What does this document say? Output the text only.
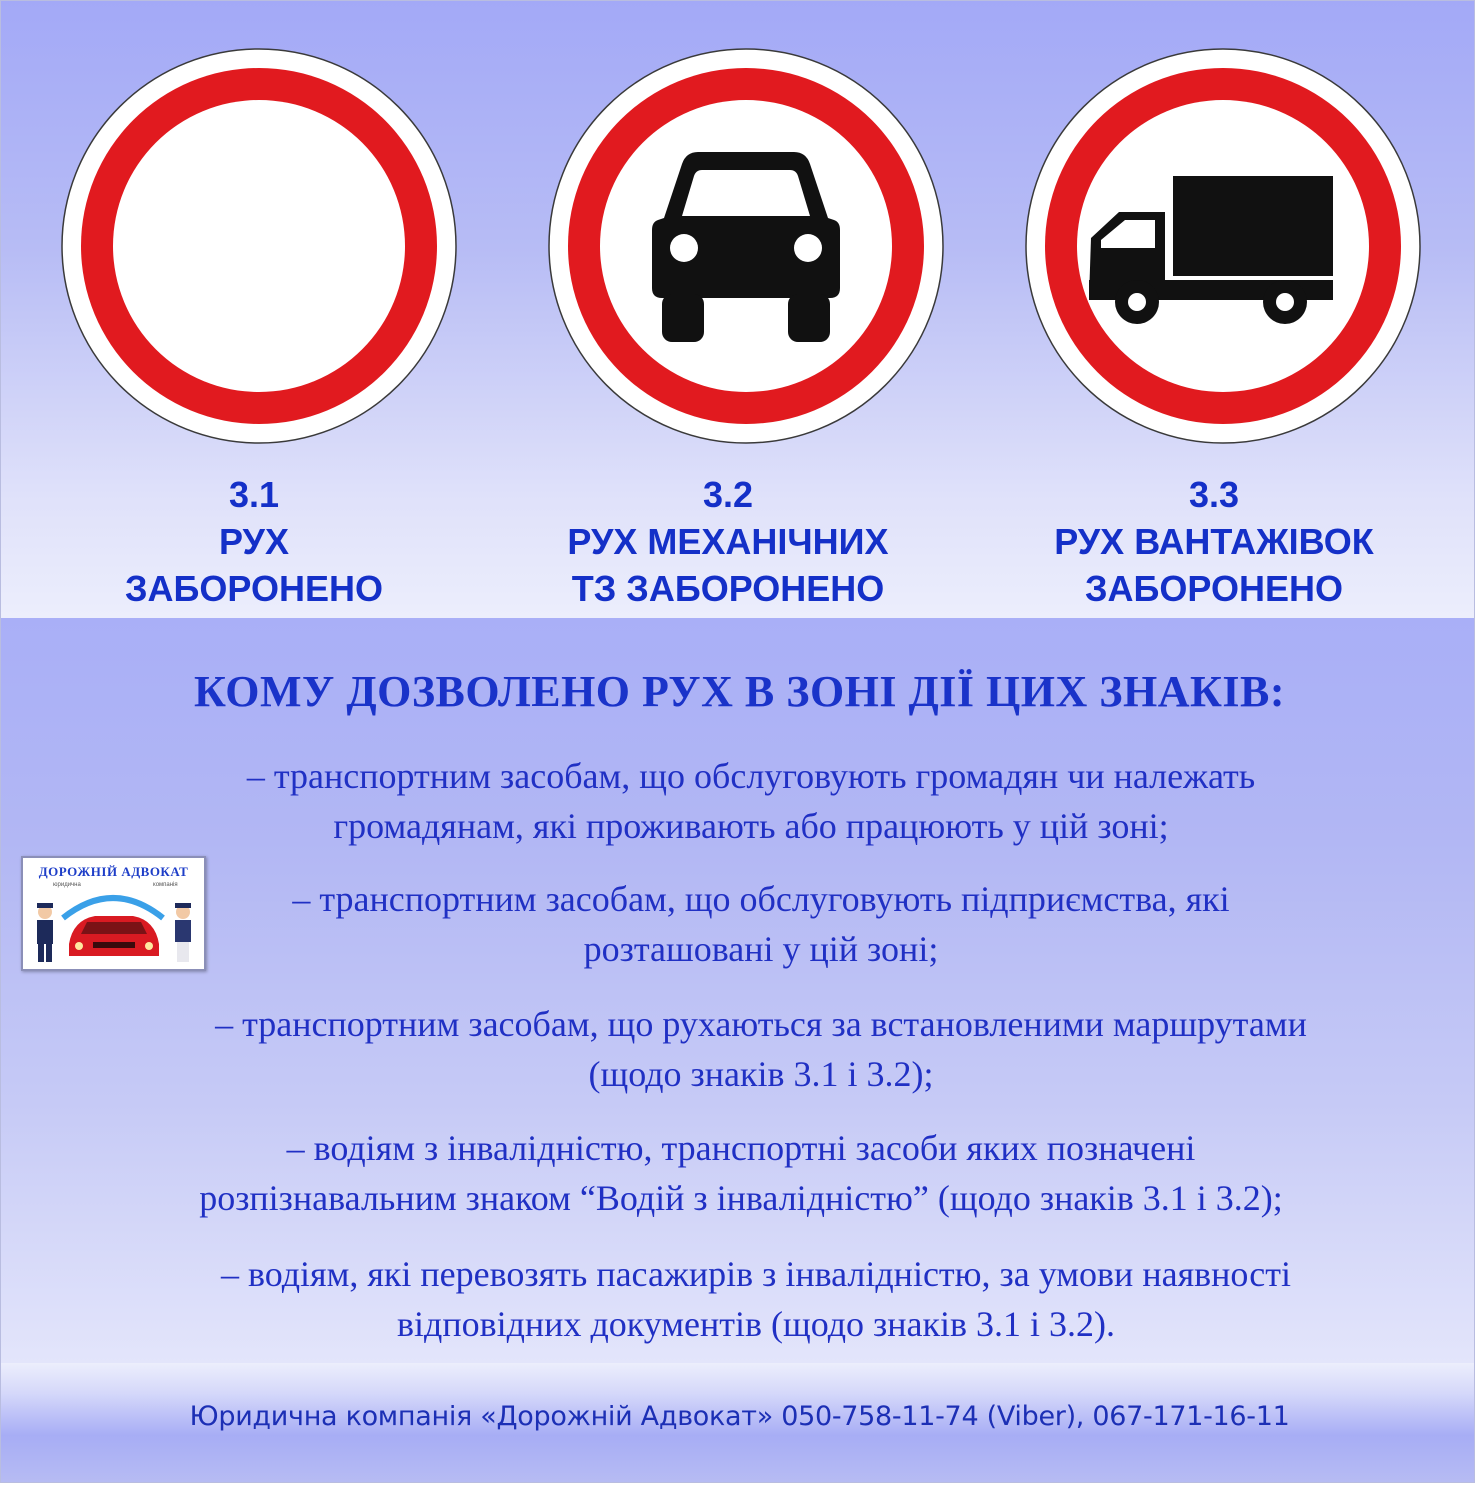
3.1
РУХ
ЗАБОРОНЕНО
3.2
РУХ МЕХАНІЧНИХ
ТЗ ЗАБОРОНЕНО
3.3
РУХ ВАНТАЖІВОК
ЗАБОРОНЕНО
КОМУ ДОЗВОЛЕНО РУХ В ЗОНІ ДІЇ ЦИХ ЗНАКІВ:
– транспортним засобам, що обслуговують громадян чи належать
громадянам, які проживають або працюють у цій зоні;
– транспортним засобам, що обслуговують підприємства, які
розташовані у цій зоні;
– транспортним засобам, що рухаються за встановленими маршрутами
(щодо знаків 3.1 і 3.2);
– водіям з інвалідністю, транспортні засоби яких позначені
розпізнавальним знаком “Водій з інвалідністю” (щодо знаків 3.1 і 3.2);
– водіям, які перевозять пасажирів з інвалідністю, за умови наявності
відповідних документів (щодо знаків 3.1 і 3.2).
ДОРОЖНІЙ АДВОКАТ
юридична	компанія
Юридична компанія «Дорожній Адвокат» 050-758-11-74 (Viber), 067-171-16-11
